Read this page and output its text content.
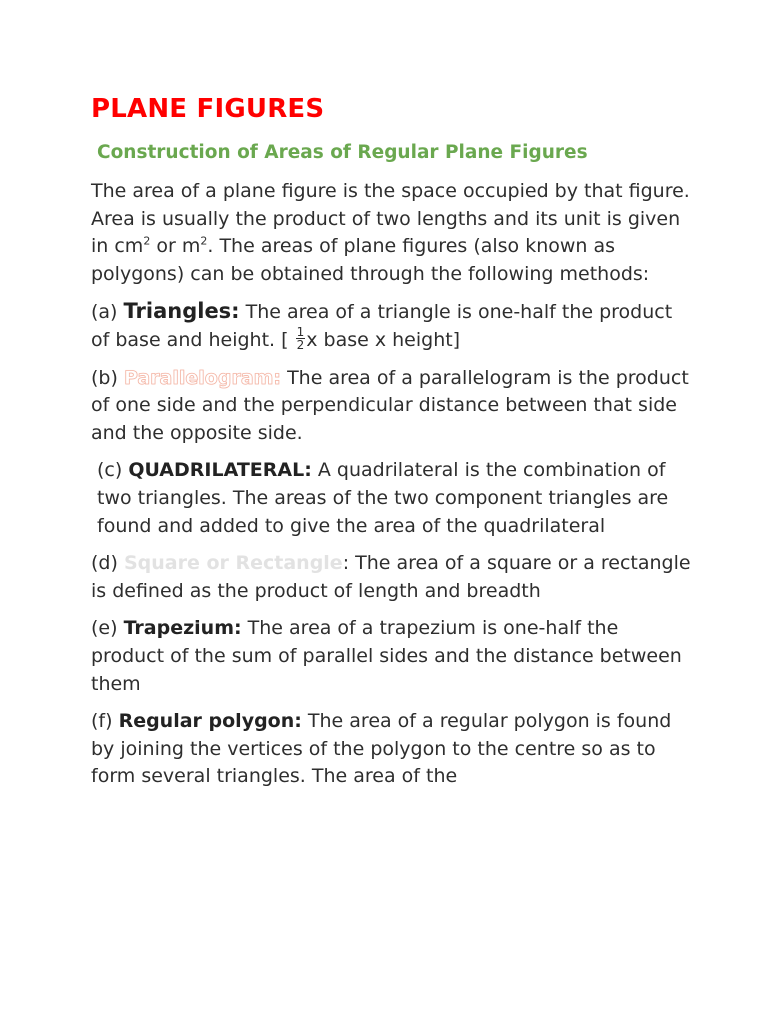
PLANE FIGURES
Construction of Areas of Regular Plane Figures

The area of a plane figure is the space occupied by that figure. Area is usually the product of two lengths and its unit is given in $cm^2$ or $m^2$. The areas of plane figures (also known as polygons) can be obtained through the following methods:

(a) Triangles: The area of a triangle is one-half the product of base and height. [ $\frac{1}{2}$ x base x height]

(b) Parallelogram: The area of a parallelogram is the product of one side and the perpendicular distance between that side and the opposite side.

(c) QUADRILATERAL: A quadrilateral is the combination of two triangles. The areas of the two component triangles are found and added to give the area of the quadrilateral

(d) Square or Rectangle: The area of a square or a rectangle is defined as the product of length and breadth

(e) Trapezium: The area of a trapezium is one-half the product of the sum of parallel sides and the distance between them

(f) Regular polygon: The area of a regular polygon is found by joining the vertices of the polygon to the centre so as to form several triangles. The area of the
